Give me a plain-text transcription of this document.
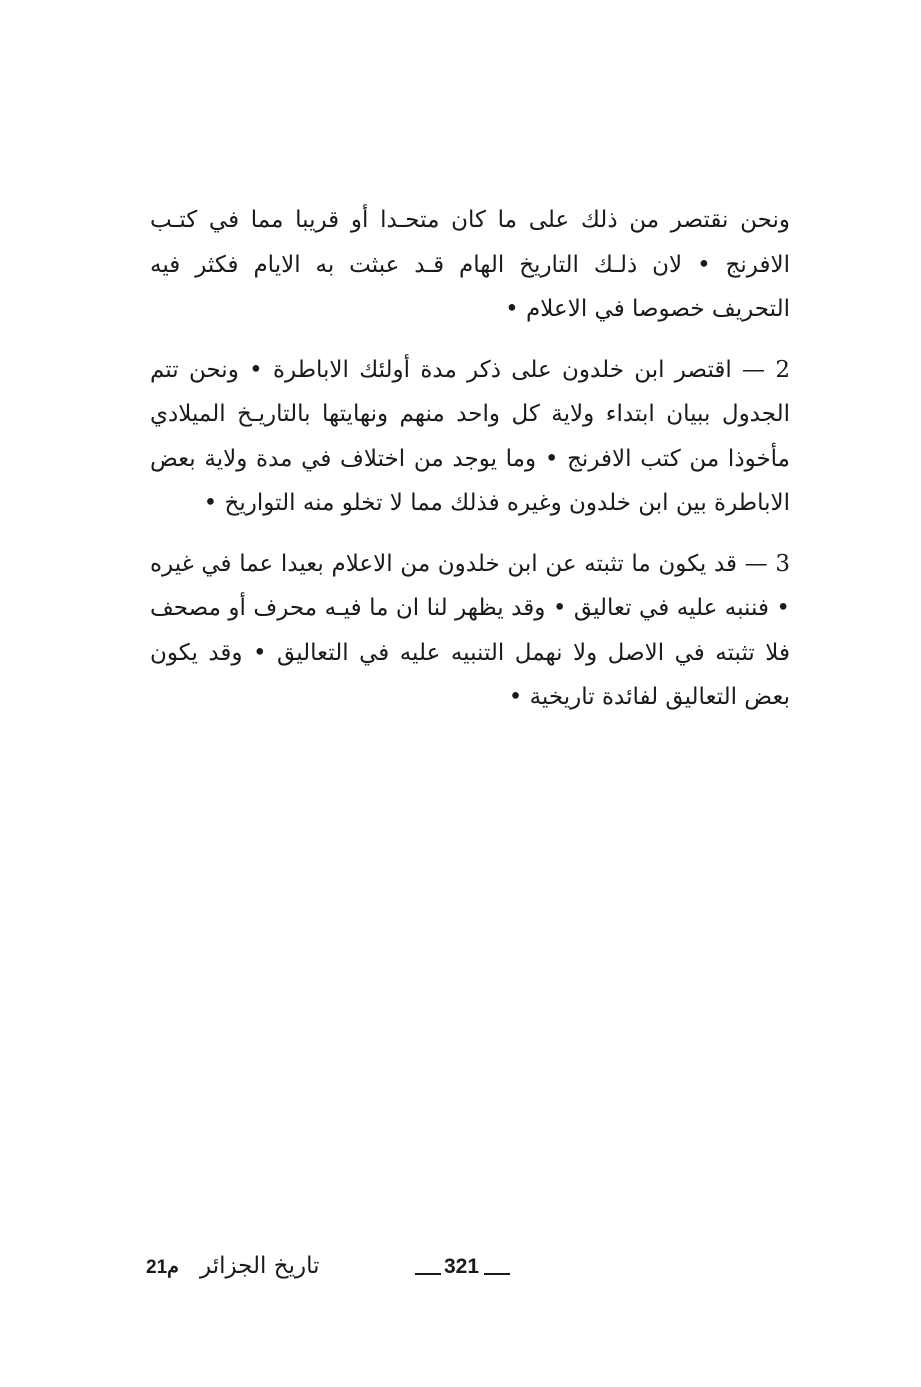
ونحن نقتصر من ذلك على ما كان متحـدا أو قريبا مما في كتـب الافرنج • لان ذلـك التاريخ الهام قـد عبثت به الايام فكثر فيه التحريف خصوصا في الاعلام •

2 — اقتصر ابن خلدون على ذكر مدة أولئك الاباطرة • ونحن تتم الجدول ببيان ابتداء ولاية كل واحد منهم ونهايتها بالتاريـخ الميلادي مأخوذا من كتب الافرنج • وما يوجد من اختلاف في مدة ولاية بعض الاباطرة بين ابن خلدون وغيره فذلك مما لا تخلو منه التواريخ •

3 — قد يكون ما تثبته عن ابن خلدون من الاعلام بعيدا عما في غيره • فننبه عليه في تعاليق • وقد يظهر لنا ان ما فيـه محرف أو مصحف فلا تثبته في الاصل ولا نهمل التنبيه عليه في التعاليق • وقد يكون بعض التعاليق لفائدة تاريخية •

21م تاريخ الجزائر	321
